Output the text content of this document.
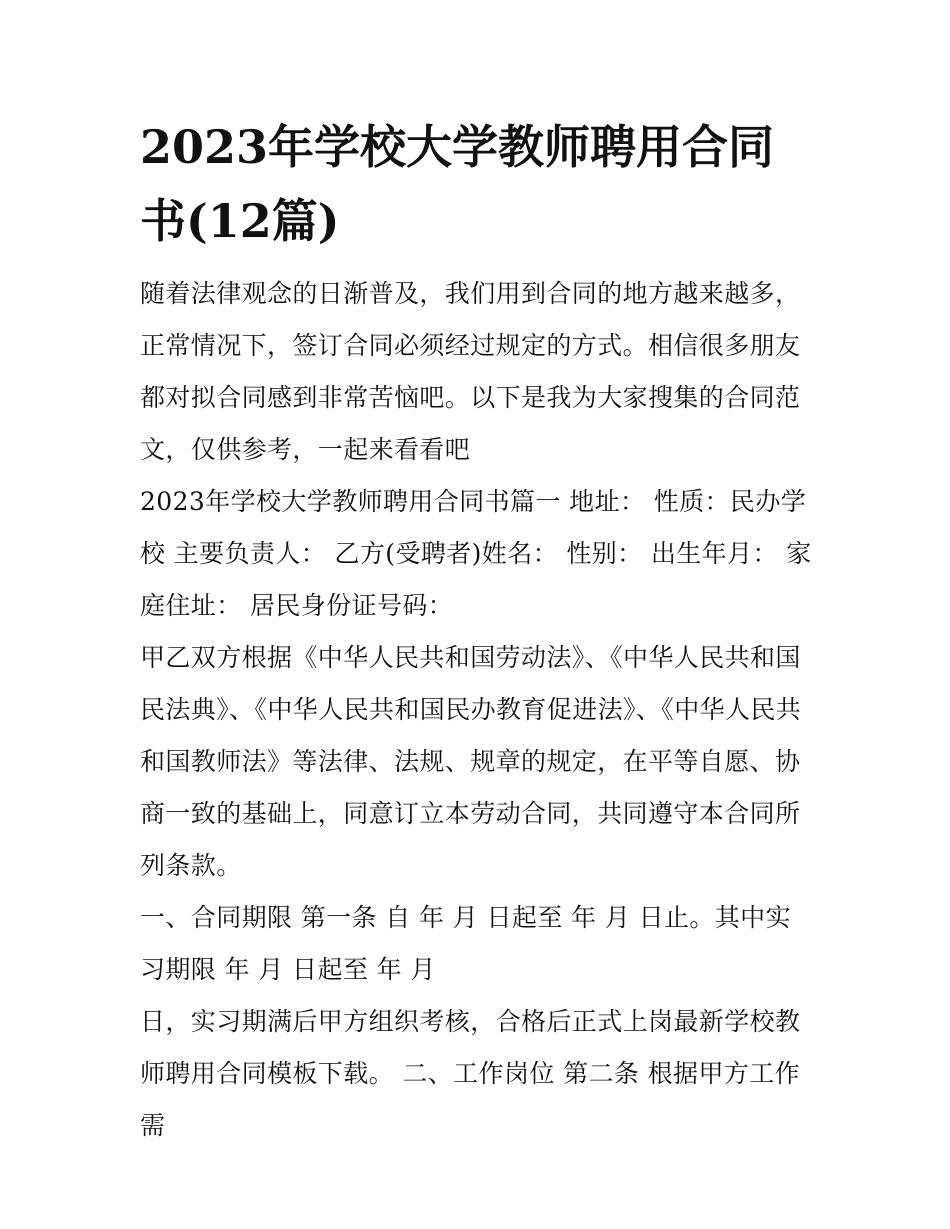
2023年学校大学教师聘用合同书(12篇)

随着法律观念的日渐普及，我们用到合同的地方越来越多，正常情况下，签订合同必须经过规定的方式。相信很多朋友都对拟合同感到非常苦恼吧。以下是我为大家搜集的合同范文，仅供参考，一起来看看吧

2023年学校大学教师聘用合同书篇一 地址： 性质：民办学校 主要负责人： 乙方(受聘者)姓名： 性别： 出生年月： 家庭住址： 居民身份证号码：

甲乙双方根据《中华人民共和国劳动法》、《中华人民共和国民法典》、《中华人民共和国民办教育促进法》、《中华人民共和国教师法》等法律、法规、规章的规定，在平等自愿、协商一致的基础上，同意订立本劳动合同，共同遵守本合同所列条款。

一、合同期限 第一条 自 年 月 日起至 年 月 日止。其中实习期限 年 月 日起至 年 月

日，实习期满后甲方组织考核，合格后正式上岗最新学校教师聘用合同模板下载。 二、工作岗位 第二条 根据甲方工作需
